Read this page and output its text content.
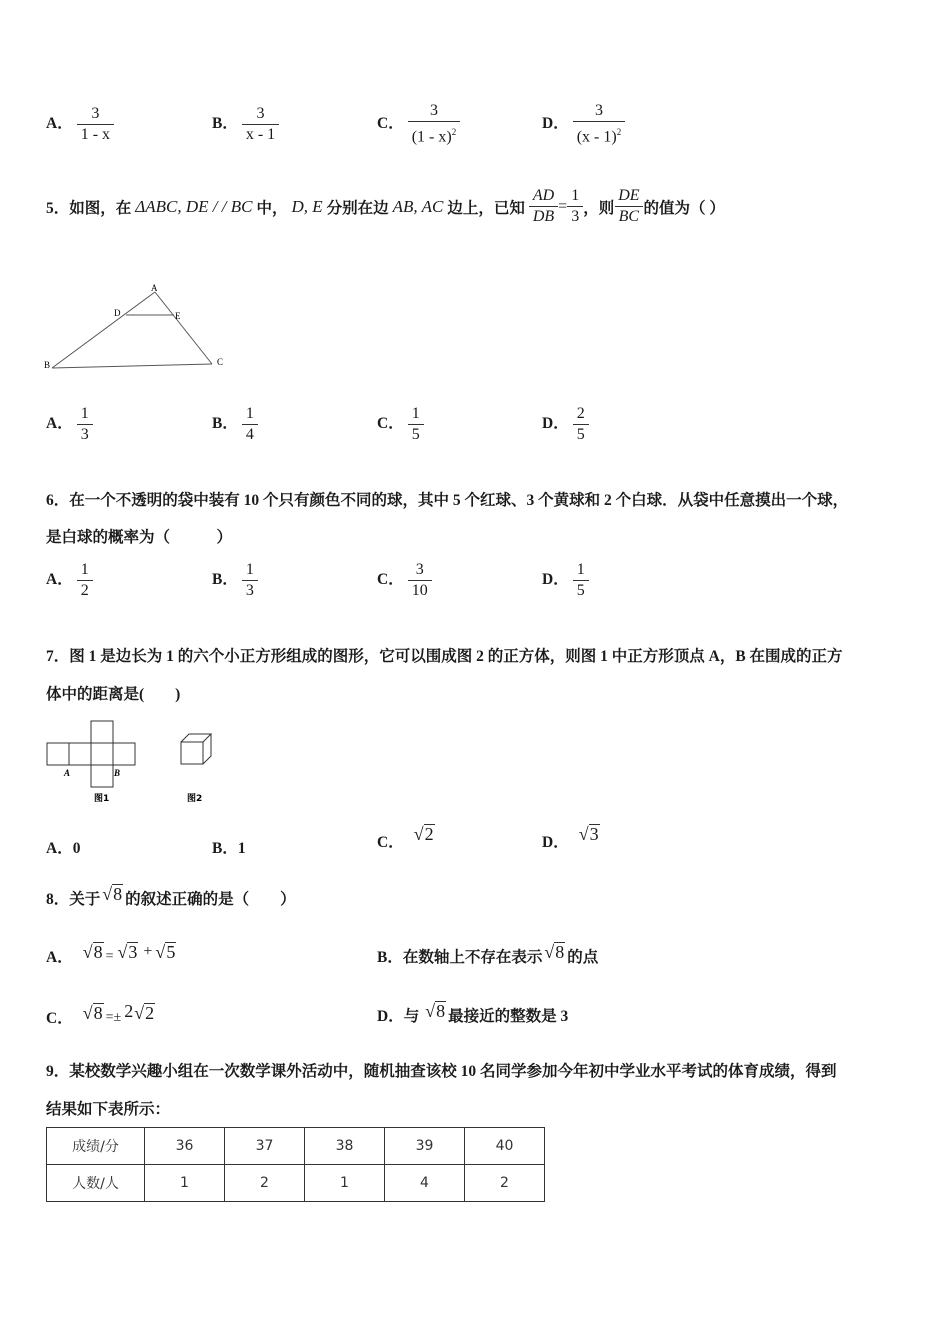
A． $\frac{3}{1 - x}$	B． $\frac{3}{x - 1}$	C． $\frac{3}{(1 - x)^2}$	D． $\frac{3}{(x - 1)^2}$
5．如图，在 ΔABC, DE / / BC 中， D, E 分别在边 AB, AC 边上，已知 $\frac{AD}{DB} = \frac{1}{3}$ ，则 $\frac{DE}{BC}$ 的值为（ ）
A
D	E
B	C
A． $\frac{1}{3}$	B． $\frac{1}{4}$	C． $\frac{1}{5}$	D． $\frac{2}{5}$
6．在一个不透明的袋中装有 10 个只有颜色不同的球，其中 5 个红球、3 个黄球和 2 个白球．从袋中任意摸出一个球，
是白球的概率为（　　　）
A． $\frac{1}{2}$	B． $\frac{1}{3}$	C． $\frac{3}{10}$	D． $\frac{1}{5}$
7．图 1 是边长为 1 的六个小正方形组成的图形，它可以围成图 2 的正方体，则图 1 中正方形顶点 A，B 在围成的正方
体中的距离是(　　)
A	B
图1	图2
A．0	B．1	C． √ 2	D． √ 3
8．关于 √ 8 的叙述正确的是（　　）
A． √ 8 = √ 3 + √ 5	B． 在数轴上不存在表示 √ 8 的点
C． √ 8 =± 2 √ 2	D． 与 √ 8 最接近的整数是 3
9．某校数学兴趣小组在一次数学课外活动中，随机抽查该校 10 名同学参加今年初中学业水平考试的体育成绩，得到
结果如下表所示：
成绩/分	36	37	38	39	40
人数/人	1	2	1	4	2
